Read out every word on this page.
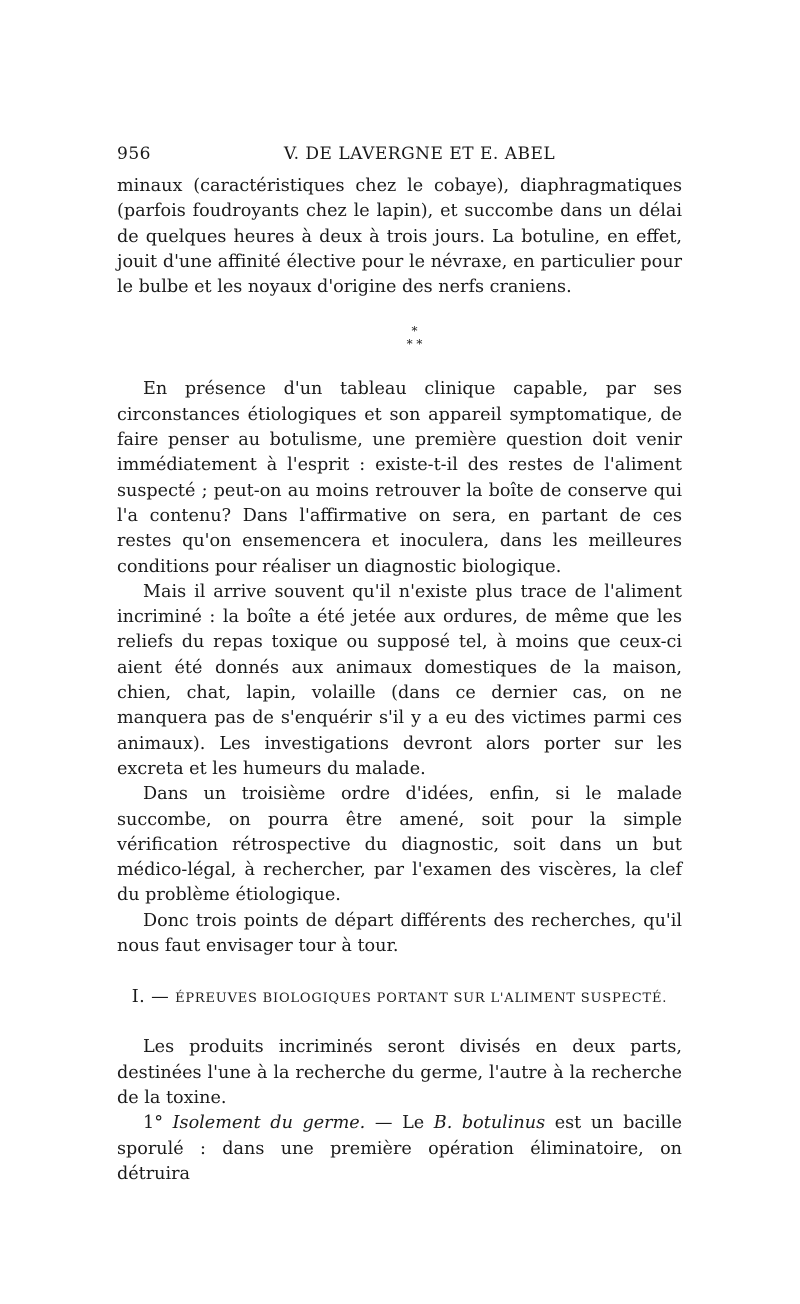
956	V. DE LAVERGNE ET E. ABEL

minaux (caractéristiques chez le cobaye), diaphragmatiques (parfois foudroyants chez le lapin), et succombe dans un délai de quelques heures à deux à trois jours. La botuline, en effet, jouit d'une affinité élective pour le névraxe, en particulier pour le bulbe et les noyaux d'origine des nerfs craniens.

*
* *

En présence d'un tableau clinique capable, par ses circonstances étiologiques et son appareil symptomatique, de faire penser au botulisme, une première question doit venir immédiatement à l'esprit : existe-t-il des restes de l'aliment suspecté ; peut-on au moins retrouver la boîte de conserve qui l'a contenu? Dans l'affirmative on sera, en partant de ces restes qu'on ensemencera et inoculera, dans les meilleures conditions pour réaliser un diagnostic biologique.

Mais il arrive souvent qu'il n'existe plus trace de l'aliment incriminé : la boîte a été jetée aux ordures, de même que les reliefs du repas toxique ou supposé tel, à moins que ceux-ci aient été donnés aux animaux domestiques de la maison, chien, chat, lapin, volaille (dans ce dernier cas, on ne manquera pas de s'enquérir s'il y a eu des victimes parmi ces animaux). Les investigations devront alors porter sur les excreta et les humeurs du malade.

Dans un troisième ordre d'idées, enfin, si le malade succombe, on pourra être amené, soit pour la simple vérification rétrospective du diagnostic, soit dans un but médico-légal, à rechercher, par l'examen des viscères, la clef du problème étiologique.

Donc trois points de départ différents des recherches, qu'il nous faut envisager tour à tour.

I. — ÉPREUVES BIOLOGIQUES PORTANT SUR L'ALIMENT SUSPECTÉ.

Les produits incriminés seront divisés en deux parts, destinées l'une à la recherche du germe, l'autre à la recherche de la toxine.

1° Isolement du germe. — Le B. botulinus est un bacille sporulé : dans une première opération éliminatoire, on détruira
